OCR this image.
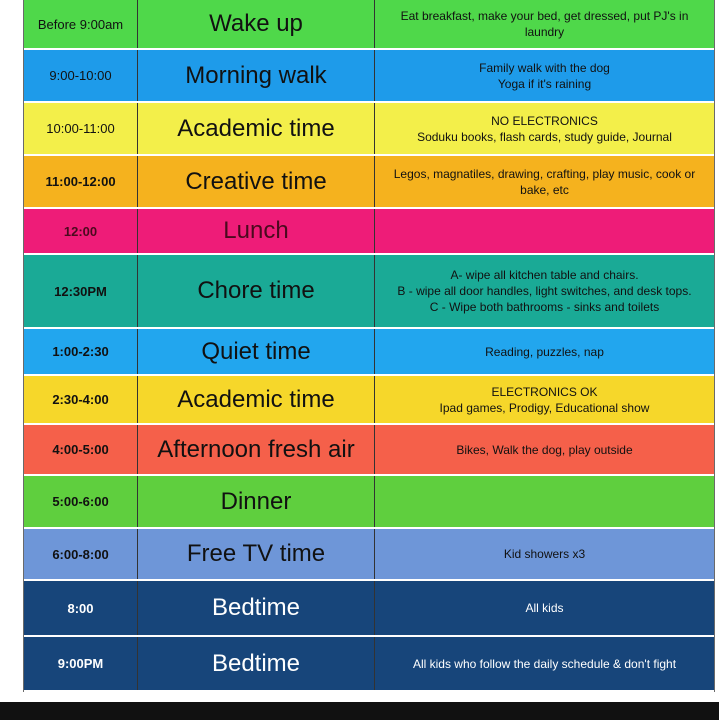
Before 9:00am	Wake up	Eat breakfast, make your bed, get dressed, put PJ's in
laundry
9:00-10:00	Morning walk	Family walk with the dog
Yoga if it's raining
10:00-11:00	Academic time	NO ELECTRONICS
Soduku books, flash cards, study guide, Journal
11:00-12:00	Creative time	Legos, magnatiles, drawing, crafting, play music, cook or
bake, etc
12:00	Lunch
12:30PM	Chore time
A- wipe all kitchen table and chairs.
B - wipe all door handles, light switches, and desk tops.
C - Wipe both bathrooms - sinks and toilets
1:00-2:30	Quiet time	Reading, puzzles, nap
2:30-4:00	Academic time	ELECTRONICS OK
Ipad games, Prodigy, Educational show
4:00-5:00	Afternoon fresh air	Bikes, Walk the dog, play outside
5:00-6:00	Dinner
6:00-8:00	Free TV time	Kid showers x3
8:00	Bedtime	All kids
9:00PM	Bedtime	All kids who follow the daily schedule & don't fight
